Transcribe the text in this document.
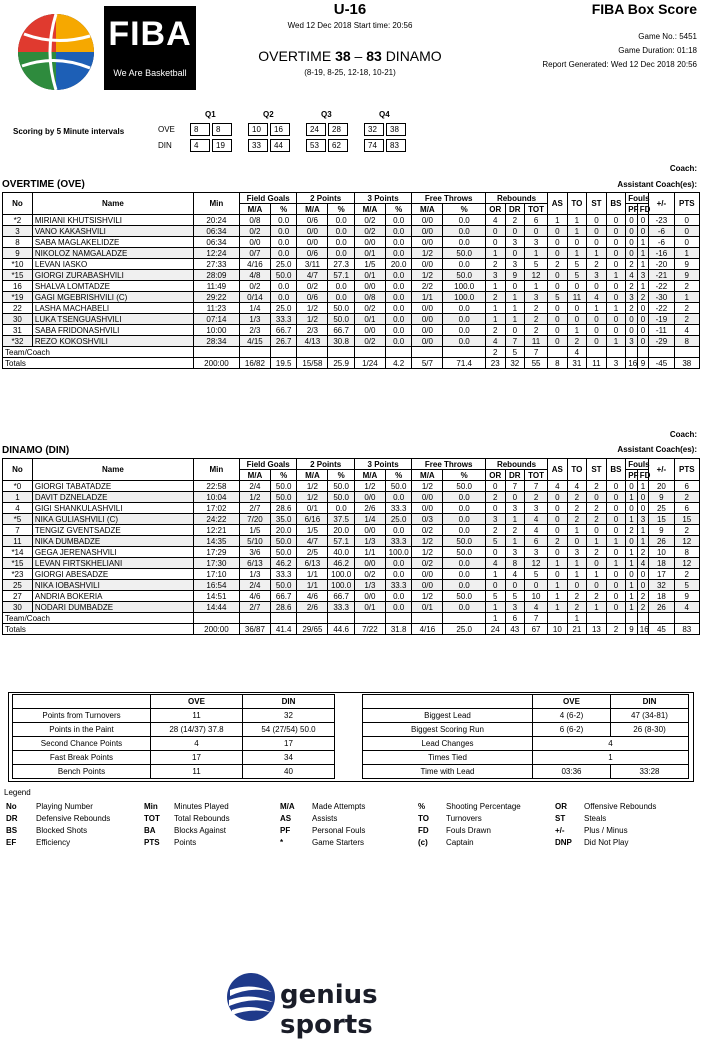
FIBA
We Are Basketball
U-16
Wed 12 Dec 2018 Start time: 20:56
OVERTIME 38 – 83 DINAMO
(8-19, 8-25, 12-18, 10-21)
FIBA Box Score
Game No.: 5451
Game Duration: 01:18
Report Generated: Wed 12 Dec 2018 20:56
Scoring by 5 Minute intervals
Q1	Q2	Q3	Q4
OVE	8	8	10	16	24	28	32	38
DIN	4	19	33	44	53	62	74	83
Coach:
Assistant Coach(es):
OVERTIME (OVE)
No	Name	Min	Field Goals		2 Points		3 Points		Free Throws		Rebounds			AS	TO	ST	BS	Fouls		+/-	PTS
			M/A	%	M/A	%	M/A	%	M/A	%	OR	DR	TOT					PF	FD		
*2	MIRIANI KHUTSISHVILI	20:24	0/8	0.0	0/6	0.0	0/2	0.0	0/0	0.0	4	2	6	1	1	0	0	0	0	-23	0
3	VANO KAKASHVILI	06:34	0/2	0.0	0/0	0.0	0/2	0.0	0/0	0.0	0	0	0	0	1	0	0	0	0	-6	0
8	SABA MAGLAKELIDZE	06:34	0/0	0.0	0/0	0.0	0/0	0.0	0/0	0.0	0	3	3	0	0	0	0	0	1	-6	0
9	NIKOLOZ NAMGALADZE	12:24	0/7	0.0	0/6	0.0	0/1	0.0	1/2	50.0	1	0	1	0	1	1	0	0	1	-16	1
*10	LEVAN IASKO	27:33	4/16	25.0	3/11	27.3	1/5	20.0	0/0	0.0	2	3	5	2	5	2	0	2	1	-20	9
*15	GIORGI ZURABASHVILI	28:09	4/8	50.0	4/7	57.1	0/1	0.0	1/2	50.0	3	9	12	0	5	3	1	4	3	-21	9
16	SHALVA LOMTADZE	11:49	0/2	0.0	0/2	0.0	0/0	0.0	2/2	100.0	1	0	1	0	0	0	0	2	1	-22	2
*19	GAGI MGEBRISHVILI (C)	29:22	0/14	0.0	0/6	0.0	0/8	0.0	1/1	100.0	2	1	3	5	11	4	0	3	2	-30	1
22	LASHA MACHABELI	11:23	1/4	25.0	1/2	50.0	0/2	0.0	0/0	0.0	1	1	2	0	0	1	1	2	0	-22	2
30	LUKA TSENGUASHVILI	07:14	1/3	33.3	1/2	50.0	0/1	0.0	0/0	0.0	1	1	2	0	0	0	0	0	0	-19	2
31	SABA FRIDONASHVILI	10:00	2/3	66.7	2/3	66.7	0/0	0.0	0/0	0.0	2	0	2	0	1	0	0	0	0	-11	4
*32	REZO KOKOSHVILI	28:34	4/15	26.7	4/13	30.8	0/2	0.0	0/0	0.0	4	7	11	0	2	0	1	3	0	-29	8
Team/Coach											2	5	7		4						
Totals		200:00	16/82	19.5	15/58	25.9	1/24	4.2	5/7	71.4	23	32	55	8	31	11	3	16	9	-45	38
Coach:
Assistant Coach(es):
DINAMO (DIN)
No	Name	Min	Field Goals		2 Points		3 Points		Free Throws		Rebounds			AS	TO	ST	BS	Fouls		+/-	PTS
			M/A	%	M/A	%	M/A	%	M/A	%	OR	DR	TOT					PF	FD		
*0	GIORGI TABATADZE	22:58	2/4	50.0	1/2	50.0	1/2	50.0	1/2	50.0	0	7	7	4	4	2	0	0	1	20	6
1	DAVIT DZNELADZE	10:04	1/2	50.0	1/2	50.0	0/0	0.0	0/0	0.0	2	0	2	0	2	0	0	1	0	9	2
4	GIGI SHANKULASHVILI	17:02	2/7	28.6	0/1	0.0	2/6	33.3	0/0	0.0	0	3	3	0	2	2	0	0	0	25	6
*5	NIKA GULIASHVILI (C)	24:22	7/20	35.0	6/16	37.5	1/4	25.0	0/3	0.0	3	1	4	0	2	2	0	1	3	15	15
7	TENGIZ GVENTSADZE	12:21	1/5	20.0	1/5	20.0	0/0	0.0	0/2	0.0	2	2	4	0	1	0	0	2	1	9	2
11	NIKA DUMBADZE	14:35	5/10	50.0	4/7	57.1	1/3	33.3	1/2	50.0	5	1	6	2	0	1	1	0	1	26	12
*14	GEGA JERENASHVILI	17:29	3/6	50.0	2/5	40.0	1/1	100.0	1/2	50.0	0	3	3	0	3	2	0	1	2	10	8
*15	LEVAN FIRTSKHELIANI	17:30	6/13	46.2	6/13	46.2	0/0	0.0	0/2	0.0	4	8	12	1	1	0	1	1	4	18	12
*23	GIORGI ABESADZE	17:10	1/3	33.3	1/1	100.0	0/2	0.0	0/0	0.0	1	4	5	0	1	1	0	0	0	17	2
25	NIKA IOBASHVILI	16:54	2/4	50.0	1/1	100.0	1/3	33.3	0/0	0.0	0	0	0	1	0	0	0	1	0	32	5
27	ANDRIA BOKERIA	14:51	4/6	66.7	4/6	66.7	0/0	0.0	1/2	50.0	5	5	10	1	2	2	0	1	2	18	9
30	NODARI DUMBADZE	14:44	2/7	28.6	2/6	33.3	0/1	0.0	0/1	0.0	1	3	4	1	2	1	0	1	2	26	4
Team/Coach											1	6	7		1						
Totals		200:00	36/87	41.4	29/65	44.6	7/22	31.8	4/16	25.0	24	43	67	10	21	13	2	9	16	45	83
	OVE	DIN
Points from Turnovers	11	32
Points in the Paint	28 (14/37) 37.8	54 (27/54) 50.0
Second Chance Points	4	17
Fast Break Points	17	34
Bench Points	11	40
	OVE	DIN
Biggest Lead	4 (6-2)	47 (34-81)
Biggest Scoring Run	6 (6-2)	26 (8-30)
Lead Changes	4	
Times Tied	1	
Time with Lead	03:36	33:28
Legend
No Playing Number	Min Minutes Played	M/A Made Attempts	%	Shooting Percentage	OR Offensive Rebounds
DR Defensive Rebounds	TOT Total Rebounds	AS	Assists	TO Turnovers	ST Steals
BS Blocked Shots	BA Blocks Against	PF	Personal Fouls	FD Fouls Drawn	+/- Plus / Minus
EF Efficiency	PTS Points	*	Game Starters	(c) Captain	DNP Did Not Play
genius sports
